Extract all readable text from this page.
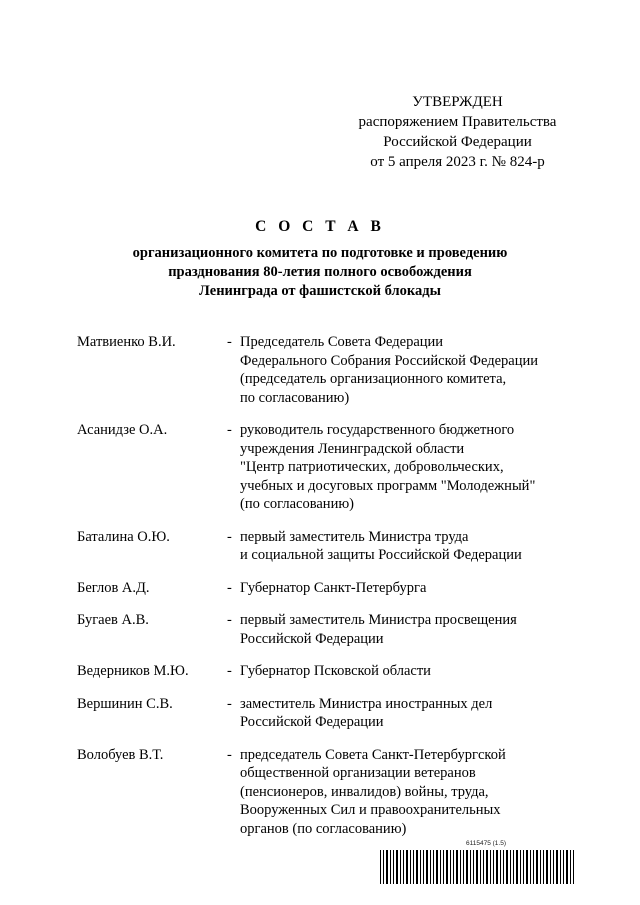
УТВЕРЖДЕН
распоряжением Правительства
Российской Федерации
от 5 апреля 2023 г. № 824-р
С О С Т А В
организационного комитета по подготовке и проведению
празднования 80-летия полного освобождения
Ленинграда от фашистской блокады
Матвиенко В.И.	- Председатель Совета Федерации
Федерального Собрания Российской Федерации
(председатель организационного комитета,
по согласованию)
Асанидзе О.А.	- руководитель государственного бюджетного
учреждения Ленинградской области
"Центр патриотических, добровольческих,
учебных и досуговых программ "Молодежный"
(по согласованию)
Баталина О.Ю.	- первый заместитель Министра труда
и социальной защиты Российской Федерации
Беглов А.Д.	- Губернатор Санкт-Петербурга
Бугаев А.В.	- первый заместитель Министра просвещения
Российской Федерации
Ведерников М.Ю.	- Губернатор Псковской области
Вершинин С.В.	- заместитель Министра иностранных дел
Российской Федерации
Волобуев В.Т.	- председатель Совета Санкт-Петербургской
общественной организации ветеранов
(пенсионеров, инвалидов) войны, труда,
Вооруженных Сил и правоохранительных
органов (по согласованию)
6115475 (1.5)
